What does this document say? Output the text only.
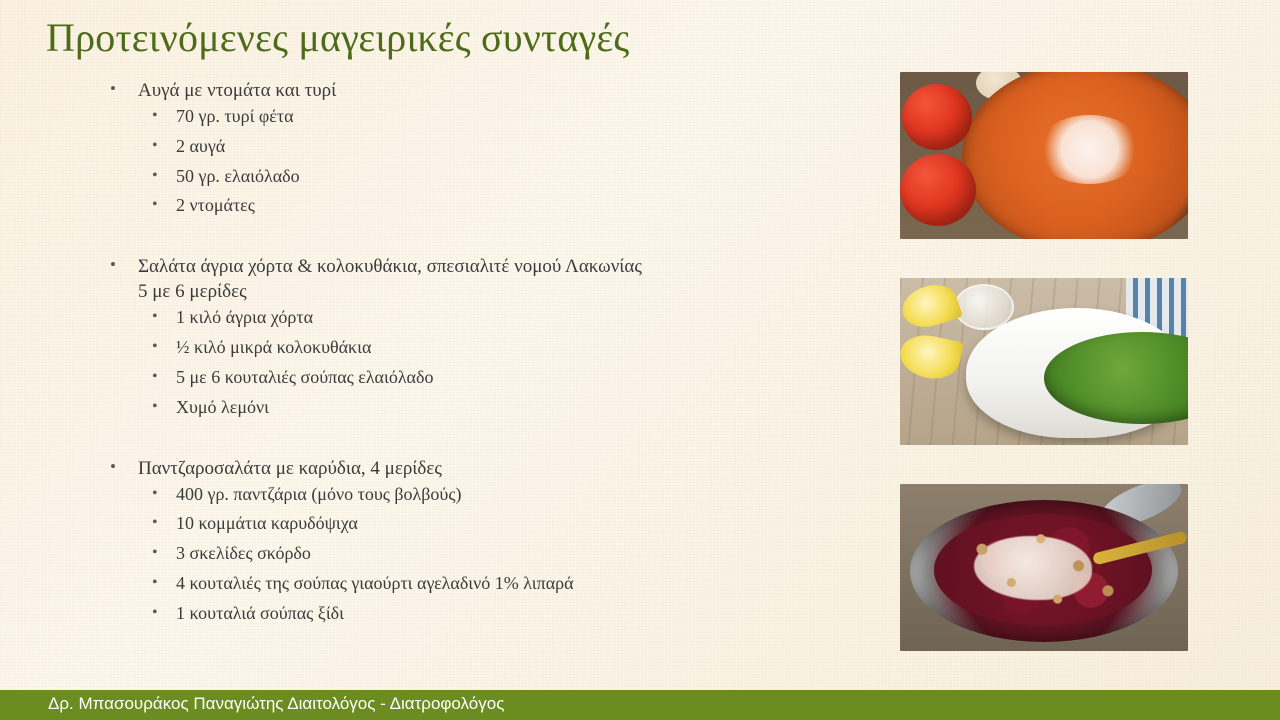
Προτεινόμενες μαγειρικές συνταγές
• Αυγά με ντομάτα και τυρί
• 70 γρ. τυρί φέτα
• 2 αυγά
• 50 γρ. ελαιόλαδο
• 2 ντομάτες
• Σαλάτα άγρια χόρτα & κολοκυθάκια, σπεσιαλιτέ νομού Λακωνίας
5 με 6 μερίδες
• 1 κιλό άγρια χόρτα
• ½ κιλό μικρά κολοκυθάκια
• 5 με 6 κουταλιές σούπας ελαιόλαδο
• Χυμό λεμόνι
• Παντζαροσαλάτα με καρύδια, 4 μερίδες
• 400 γρ. παντζάρια (μόνο τους βολβούς)
• 10 κομμάτια καρυδόψιχα
• 3 σκελίδες σκόρδο
• 4 κουταλιές της σούπας γιαούρτι αγελαδινό 1% λιπαρά
• 1 κουταλιά σούπας ξίδι
Δρ. Μπασουράκος Παναγιώτης Διαιτολόγος - Διατροφολόγος
